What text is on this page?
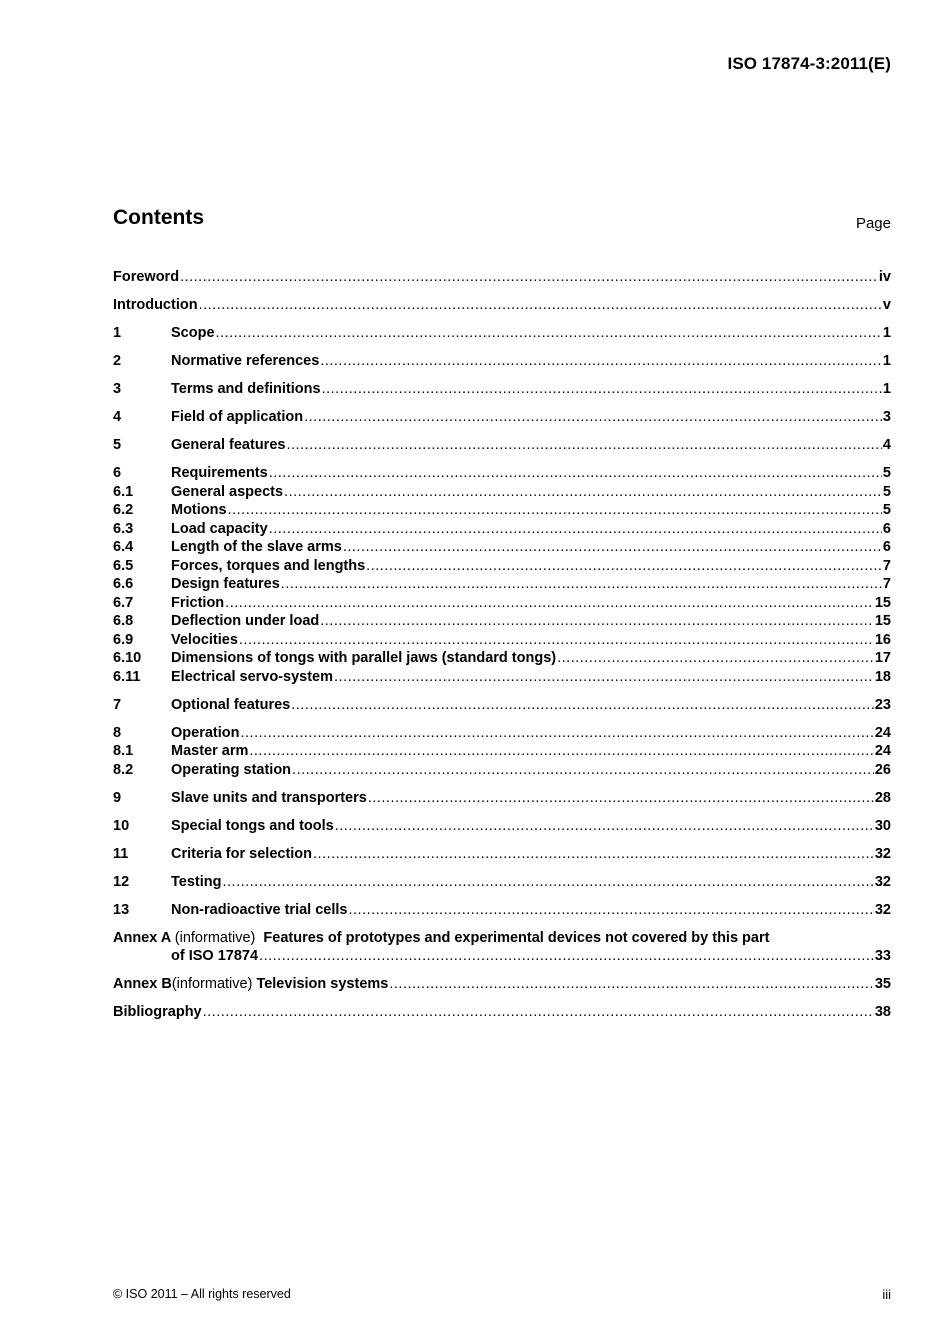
ISO 17874-3:2011(E)
Contents	Page
Foreword .....	iv
Introduction .....	v
1	Scope .....	1
2	Normative references .....	1
3	Terms and definitions .....	1
4	Field of application .....	3
5	General features .....	4
6	Requirements .....	5
6.1	General aspects .....	5
6.2	Motions .....	5
6.3	Load capacity .....	6
6.4	Length of the slave arms .....	6
6.5	Forces, torques and lengths .....	7
6.6	Design features .....	7
6.7	Friction .....	15
6.8	Deflection under load .....	15
6.9	Velocities .....	16
6.10	Dimensions of tongs with parallel jaws (standard tongs) .....	17
6.11	Electrical servo-system .....	18
7	Optional features .....	23
8	Operation .....	24
8.1	Master arm .....	24
8.2	Operating station .....	26
9	Slave units and transporters .....	28
10	Special tongs and tools .....	30
11	Criteria for selection .....	32
12	Testing .....	32
13	Non-radioactive trial cells .....	32
Annex A (informative) Features of prototypes and experimental devices not covered by this part
of ISO 17874 .....	33
Annex B (informative)
Television systems .....	35
Bibliography .....	38
© ISO 2011 – All rights reserved	iii
